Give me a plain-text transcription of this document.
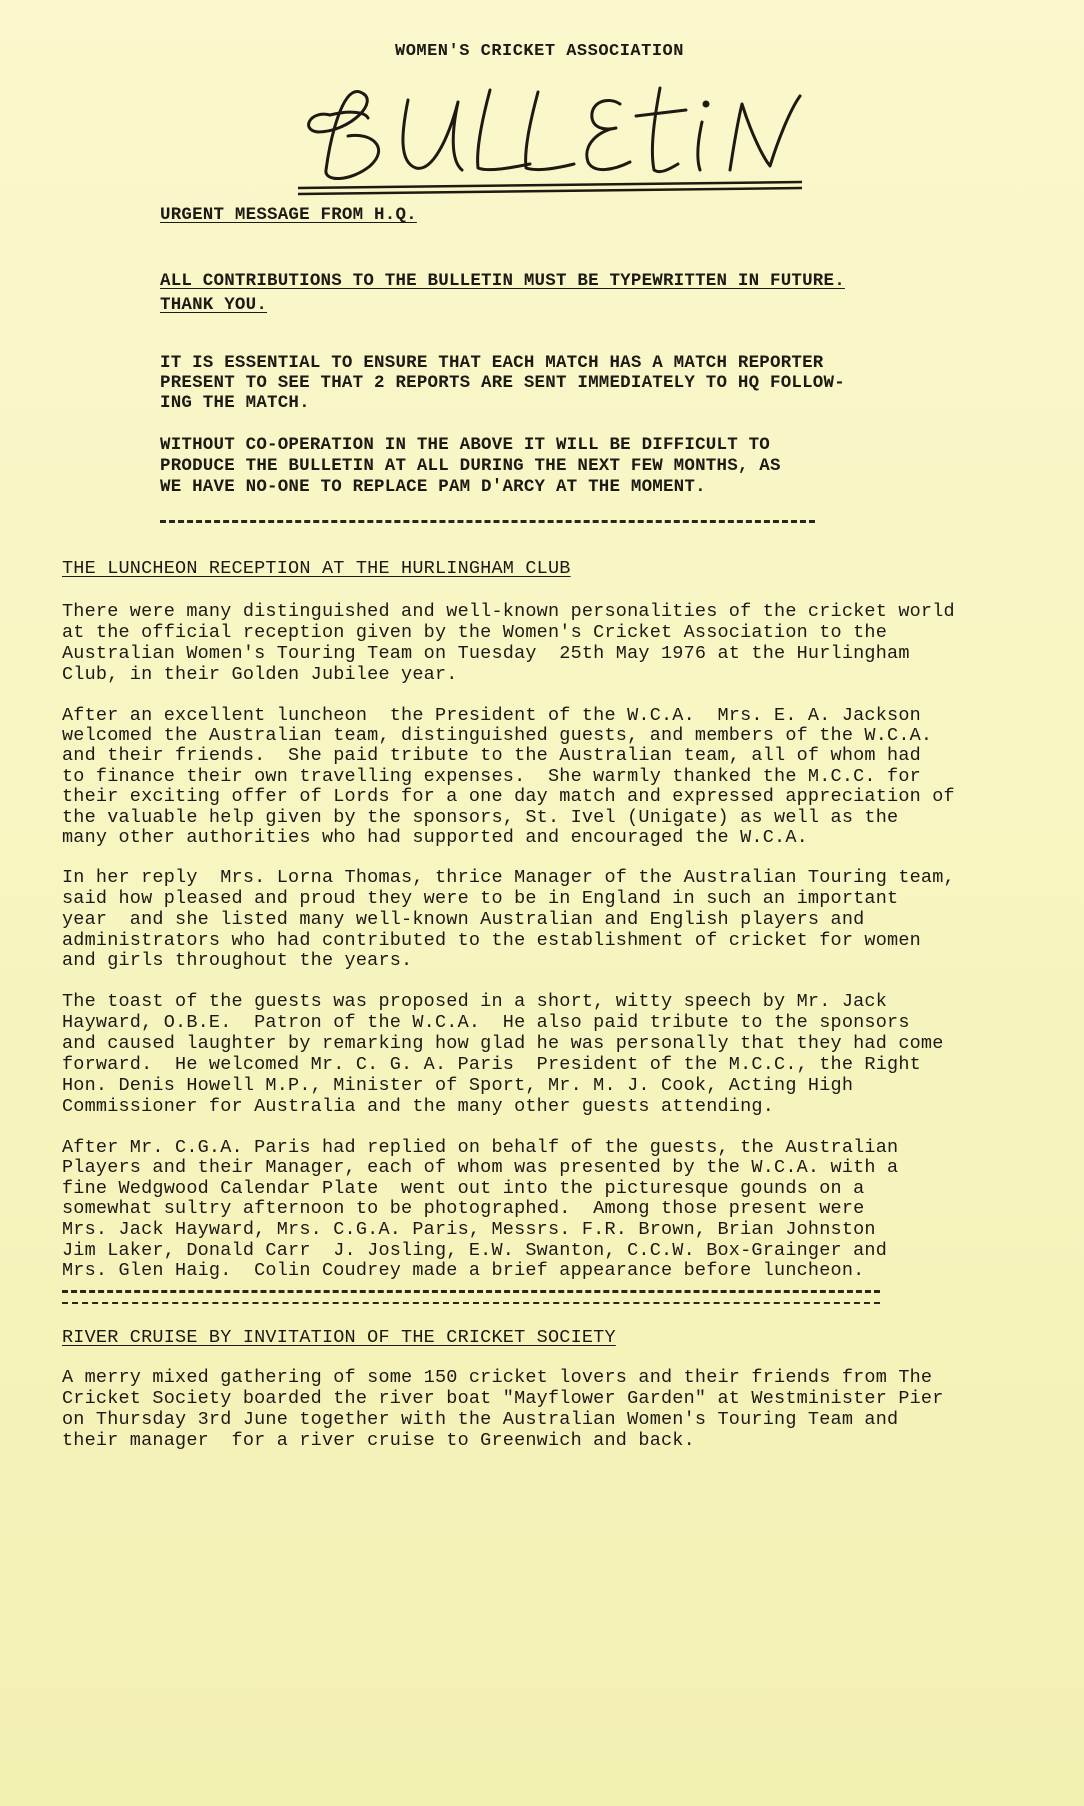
WOMEN'S CRICKET ASSOCIATION

URGENT MESSAGE FROM H.Q.

ALL CONTRIBUTIONS TO THE BULLETIN MUST BE TYPEWRITTEN IN FUTURE.

THANK YOU.

IT IS ESSENTIAL TO ENSURE THAT EACH MATCH HAS A MATCH REPORTER

PRESENT TO SEE THAT 2 REPORTS ARE SENT IMMEDIATELY TO HQ FOLLOW-

ING THE MATCH.

WITHOUT CO-OPERATION IN THE ABOVE IT WILL BE DIFFICULT TO

PRODUCE THE BULLETIN AT ALL DURING THE NEXT FEW MONTHS, AS

WE HAVE NO-ONE TO REPLACE PAM D'ARCY AT THE MOMENT.

THE LUNCHEON RECEPTION AT THE HURLINGHAM CLUB

There were many distinguished and well-known personalities of the cricket world

at the official reception given by the Women's Cricket Association to the

Australian Women's Touring Team on Tuesday  25th May 1976 at the Hurlingham

Club, in their Golden Jubilee year.

After an excellent luncheon  the President of the W.C.A.  Mrs. E. A. Jackson

welcomed the Australian team, distinguished guests, and members of the W.C.A.

and their friends.  She paid tribute to the Australian team, all of whom had

to finance their own travelling expenses.  She warmly thanked the M.C.C. for

their exciting offer of Lords for a one day match and expressed appreciation of

the valuable help given by the sponsors, St. Ivel (Unigate) as well as the

many other authorities who had supported and encouraged the W.C.A.

In her reply  Mrs. Lorna Thomas, thrice Manager of the Australian Touring team,

said how pleased and proud they were to be in England in such an important

year  and she listed many well-known Australian and English players and

administrators who had contributed to the establishment of cricket for women

and girls throughout the years.

The toast of the guests was proposed in a short, witty speech by Mr. Jack

Hayward, O.B.E.  Patron of the W.C.A.  He also paid tribute to the sponsors

and caused laughter by remarking how glad he was personally that they had come

forward.  He welcomed Mr. C. G. A. Paris  President of the M.C.C., the Right

Hon. Denis Howell M.P., Minister of Sport, Mr. M. J. Cook, Acting High

Commissioner for Australia and the many other guests attending.

After Mr. C.G.A. Paris had replied on behalf of the guests, the Australian

Players and their Manager, each of whom was presented by the W.C.A. with a

fine Wedgwood Calendar Plate  went out into the picturesque gounds on a

somewhat sultry afternoon to be photographed.  Among those present were

Mrs. Jack Hayward, Mrs. C.G.A. Paris, Messrs. F.R. Brown, Brian Johnston

Jim Laker, Donald Carr  J. Josling, E.W. Swanton, C.C.W. Box-Grainger and

Mrs. Glen Haig.  Colin Coudrey made a brief appearance before luncheon.

RIVER CRUISE BY INVITATION OF THE CRICKET SOCIETY

A merry mixed gathering of some 150 cricket lovers and their friends from The

Cricket Society boarded the river boat "Mayflower Garden" at Westminister Pier

on Thursday 3rd June together with the Australian Women's Touring Team and

their manager  for a river cruise to Greenwich and back.
